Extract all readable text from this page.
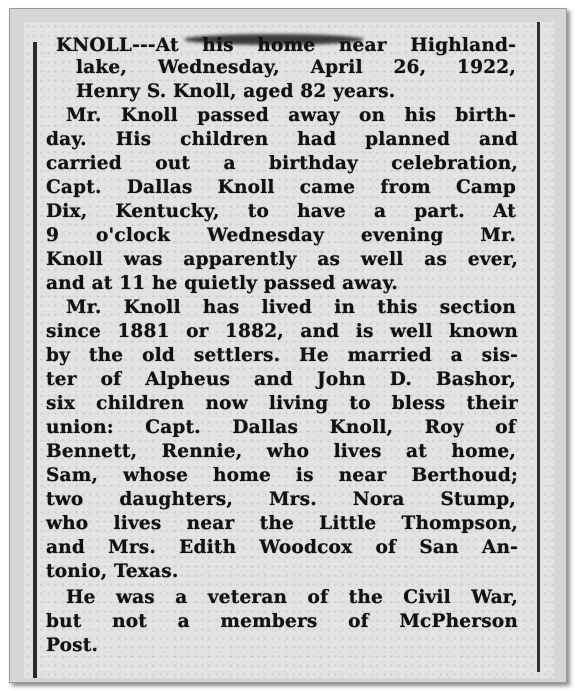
KNOLL---At his home near Highland-
lake, Wednesday, April 26, 1922,
Henry S. Knoll, aged 82 years.
Mr. Knoll passed away on his birth-
day. His children had planned and
carried out a birthday celebration,
Capt. Dallas Knoll came from Camp
Dix, Kentucky, to have a part. At
9 o'clock Wednesday evening Mr.
Knoll was apparently as well as ever,
and at 11 he quietly passed away.
Mr. Knoll has lived in this section
since 1881 or 1882, and is well known
by the old settlers. He married a sis-
ter of Alpheus and John D. Bashor,
six children now living to bless their
union: Capt. Dallas Knoll, Roy of
Bennett, Rennie, who lives at home,
Sam, whose home is near Berthoud;
two daughters, Mrs. Nora Stump,
who lives near the Little Thompson,
and Mrs. Edith Woodcox of San An-
tonio, Texas.
He was a veteran of the Civil War,
but not a members of McPherson
Post.
